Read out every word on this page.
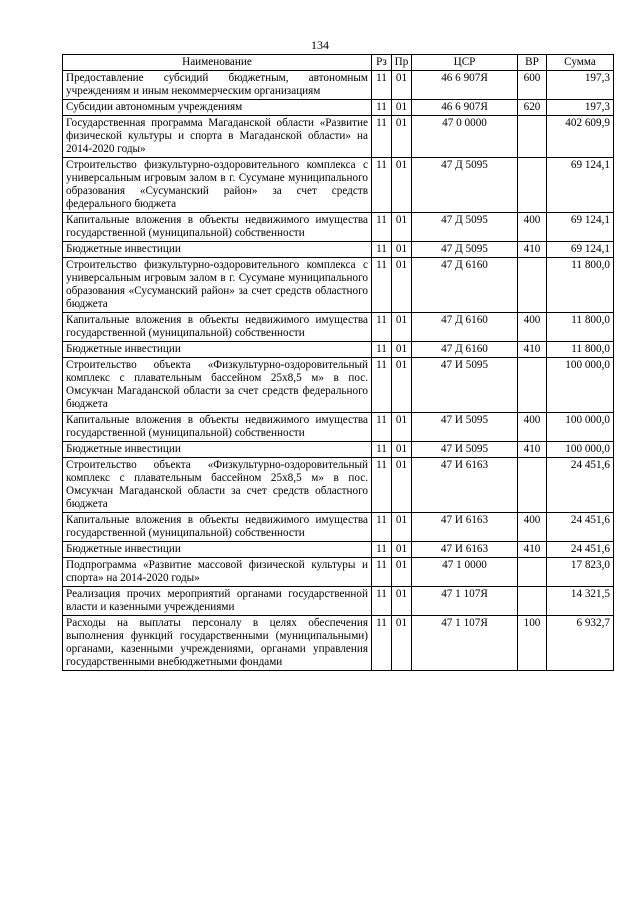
134
Наименование	Рз	Пр	ЦСР	ВР	Сумма
Предоставление субсидий бюджетным, автономным учреждениям и иным некоммерческим организациям	11	01	46 6 907Я	600	197,3
Субсидии автономным учреждениям	11	01	46 6 907Я	620	197,3
Государственная программа Магаданской области «Развитие физической культуры и спорта в Магаданской области» на 2014-2020 годы»	11	01	47 0 0000		402 609,9
Строительство физкультурно-оздоровительного комплекса с универсальным игровым залом в г. Сусумане муниципального образования «Сусуманский район» за счет средств федерального бюджета	11	01	47 Д 5095		69 124,1
Капитальные вложения в объекты недвижимого имущества государственной (муниципальной) собственности	11	01	47 Д 5095	400	69 124,1
Бюджетные инвестиции	11	01	47 Д 5095	410	69 124,1
Строительство физкультурно-оздоровительного комплекса с универсальным игровым залом в г. Сусумане муниципального образования «Сусуманский район» за счет средств областного бюджета	11	01	47 Д 6160		11 800,0
Капитальные вложения в объекты недвижимого имущества государственной (муниципальной) собственности	11	01	47 Д 6160	400	11 800,0
Бюджетные инвестиции	11	01	47 Д 6160	410	11 800,0
Строительство объекта «Физкультурно-оздоровительный комплекс с плавательным бассейном 25х8,5 м» в пос. Омсукчан Магаданской области за счет средств федерального бюджета	11	01	47 И 5095		100 000,0
Капитальные вложения в объекты недвижимого имущества государственной (муниципальной) собственности	11	01	47 И 5095	400	100 000,0
Бюджетные инвестиции	11	01	47 И 5095	410	100 000,0
Строительство объекта «Физкультурно-оздоровительный комплекс с плавательным бассейном 25х8,5 м» в пос. Омсукчан Магаданской области за счет средств областного бюджета	11	01	47 И 6163		24 451,6
Капитальные вложения в объекты недвижимого имущества государственной (муниципальной) собственности	11	01	47 И 6163	400	24 451,6
Бюджетные инвестиции	11	01	47 И 6163	410	24 451,6
Подпрограмма «Развитие массовой физической культуры и спорта» на 2014-2020 годы»	11	01	47 1 0000		17 823,0
Реализация прочих мероприятий органами государственной власти и казенными учреждениями	11	01	47 1 107Я		14 321,5
Расходы на выплаты персоналу в целях обеспечения выполнения функций государственными (муниципальными) органами, казенными учреждениями, органами управления государственными внебюджетными фондами	11	01	47 1 107Я	100	6 932,7
